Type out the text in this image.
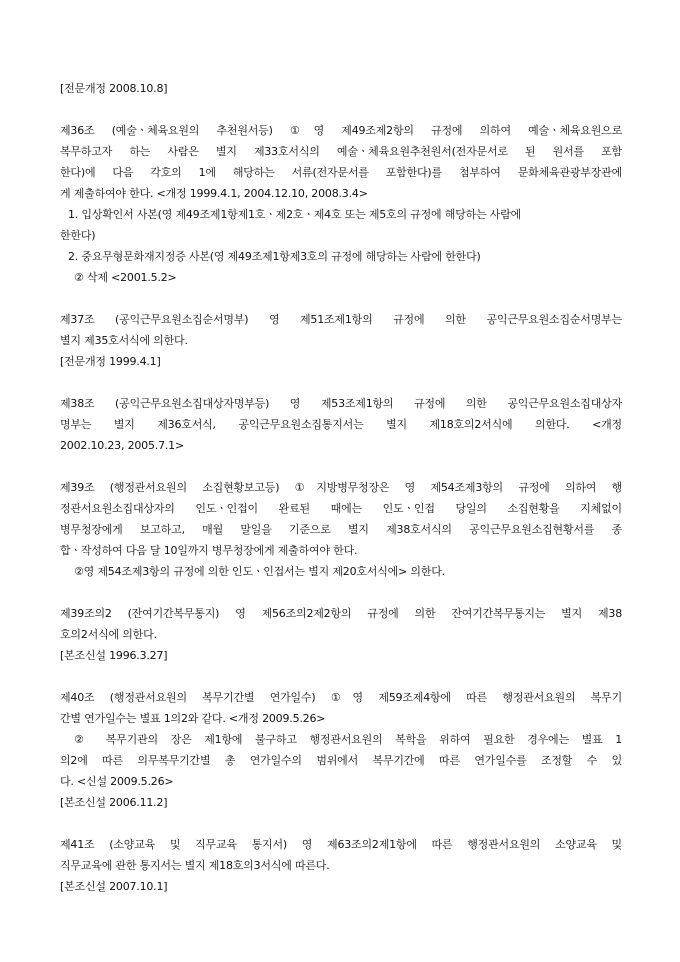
[전문개정 2008.10.8]
제36조 (예술ㆍ체육요원의 추천원서등) ①영 제49조제2항의 규정에 의하여 예술ㆍ체육요원으로
복무하고자 하는 사람은 별지 제33호서식의 예술ㆍ체육요원추천원서(전자문서로 된 원서를 포함
한다)에 다음 각호의 1에 해당하는 서류(전자문서를 포함한다)를 첨부하여 문화체육관광부장관에
게 제출하여야 한다. <개정 1999.4.1, 2004.12.10, 2008.3.4>
1. 입상확인서 사본(영 제49조제1항제1호ㆍ제2호ㆍ제4호 또는 제5호의 규정에 해당하는 사람에
한한다)
2. 중요무형문화재지정증 사본(영 제49조제1항제3호의 규정에 해당하는 사람에 한한다)
② 삭제 <2001.5.2>
제37조 (공익근무요원소집순서명부) 영 제51조제1항의 규정에 의한 공익근무요원소집순서명부는
별지 제35호서식에 의한다.
[전문개정 1999.4.1]
제38조 (공익근무요원소집대상자명부등) 영 제53조제1항의 규정에 의한 공익근무요원소집대상자
명부는 별지 제36호서식, 공익근무요원소집통지서는 별지 제18호의2서식에 의한다. <개정
2002.10.23, 2005.7.1>
제39조 (행정관서요원의 소집현황보고등) ①지방병무청장은 영 제54조제3항의 규정에 의하여 행
정관서요원소집대상자의 인도ㆍ인접이 완료된 때에는 인도ㆍ인접 당일의 소집현황을 지체없이
병무청장에게 보고하고, 매월 말일을 기준으로 별지 제38호서식의 공익근무요원소집현황서를 종
합ㆍ작성하여 다음 달 10일까지 병무청장에게 제출하여야 한다.
②영 제54조제3항의 규정에 의한 인도ㆍ인접서는 별지 제20호서식에> 의한다.
제39조의2 (잔여기간복무통지) 영 제56조의2제2항의 규정에 의한 잔여기간복무통지는 별지 제38
호의2서식에 의한다.
[본조신설 1996.3.27]
제40조 (행정관서요원의 복무기간별 연가일수) ①영 제59조제4항에 따른 행정관서요원의 복무기
간별 연가일수는 별표 1의2와 같다. <개정 2009.5.26>
② 복무기관의 장은 제1항에 불구하고 행정관서요원의 복학을 위하여 필요한 경우에는 별표 1
의2에 따른 의무복무기간별 총 연가일수의 범위에서 복무기간에 따른 연가일수를 조정할 수 있
다. <신설 2009.5.26>
[본조신설 2006.11.2]
제41조 (소양교육 및 직무교육 통지서) 영 제63조의2제1항에 따른 행정관서요원의 소양교육 및
직무교육에 관한 통지서는 별지 제18호의3서식에 따른다.
[본조신설 2007.10.1]
